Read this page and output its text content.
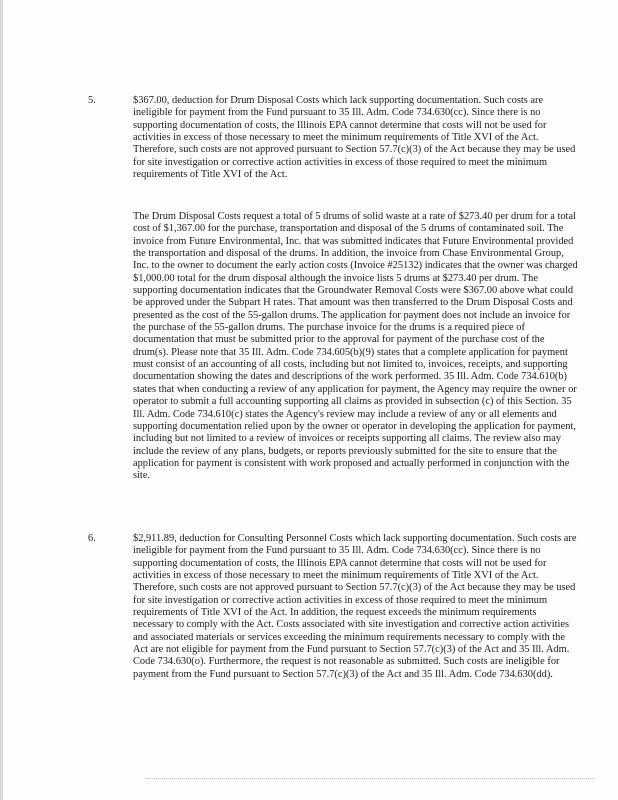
5.	$367.00, deduction for Drum Disposal Costs which lack supporting documentation. Such costs are ineligible for payment from the Fund pursuant to 35 Ill. Adm. Code 734.630(cc). Since there is no supporting documentation of costs, the Illinois EPA cannot determine that costs will not be used for activities in excess of those necessary to meet the minimum requirements of Title XVI of the Act. Therefore, such costs are not approved pursuant to Section 57.7(c)(3) of the Act because they may be used for site investigation or corrective action activities in excess of those required to meet the minimum requirements of Title XVI of the Act.

The Drum Disposal Costs request a total of 5 drums of solid waste at a rate of $273.40 per drum for a total cost of $1,367.00 for the purchase, transportation and disposal of the 5 drums of contaminated soil. The invoice from Future Environmental, Inc. that was submitted indicates that Future Environmental provided the transportation and disposal of the drums. In addition, the invoice from Chase Environmental Group, Inc. to the owner to document the early action costs (Invoice #25132) indicates that the owner was charged $1,000.00 total for the drum disposal although the invoice lists 5 drums at $273.40 per drum. The supporting documentation indicates that the Groundwater Removal Costs were $367.00 above what could be approved under the Subpart H rates. That amount was then transferred to the Drum Disposal Costs and presented as the cost of the 55-gallon drums. The application for payment does not include an invoice for the purchase of the 55-gallon drums. The purchase invoice for the drums is a required piece of documentation that must be submitted prior to the approval for payment of the purchase cost of the drum(s). Please note that 35 Ill. Adm. Code 734.605(b)(9) states that a complete application for payment must consist of an accounting of all costs, including but not limited to, invoices, receipts, and supporting documentation showing the dates and descriptions of the work performed. 35 Ill. Adm. Code 734.610(b) states that when conducting a review of any application for payment, the Agency may require the owner or operator to submit a full accounting supporting all claims as provided in subsection (c) of this Section. 35 Ill. Adm. Code 734.610(c) states the Agency's review may include a review of any or all elements and supporting documentation relied upon by the owner or operator in developing the application for payment, including but not limited to a review of invoices or receipts supporting all claims. The review also may include the review of any plans, budgets, or reports previously submitted for the site to ensure that the application for payment is consistent with work proposed and actually performed in conjunction with the site.

6.	$2,911.89, deduction for Consulting Personnel Costs which lack supporting documentation. Such costs are ineligible for payment from the Fund pursuant to 35 Ill. Adm. Code 734.630(cc). Since there is no supporting documentation of costs, the Illinois EPA cannot determine that costs will not be used for activities in excess of those necessary to meet the minimum requirements of Title XVI of the Act. Therefore, such costs are not approved pursuant to Section 57.7(c)(3) of the Act because they may be used for site investigation or corrective action activities in excess of those required to meet the minimum requirements of Title XVI of the Act. In addition, the request exceeds the minimum requirements necessary to comply with the Act. Costs associated with site investigation and corrective action activities and associated materials or services exceeding the minimum requirements necessary to comply with the Act are not eligible for payment from the Fund pursuant to Section 57.7(c)(3) of the Act and 35 Ill. Adm. Code 734.630(o). Furthermore, the request is not reasonable as submitted. Such costs are ineligible for payment from the Fund pursuant to Section 57.7(c)(3) of the Act and 35 Ill. Adm. Code 734.630(dd).
